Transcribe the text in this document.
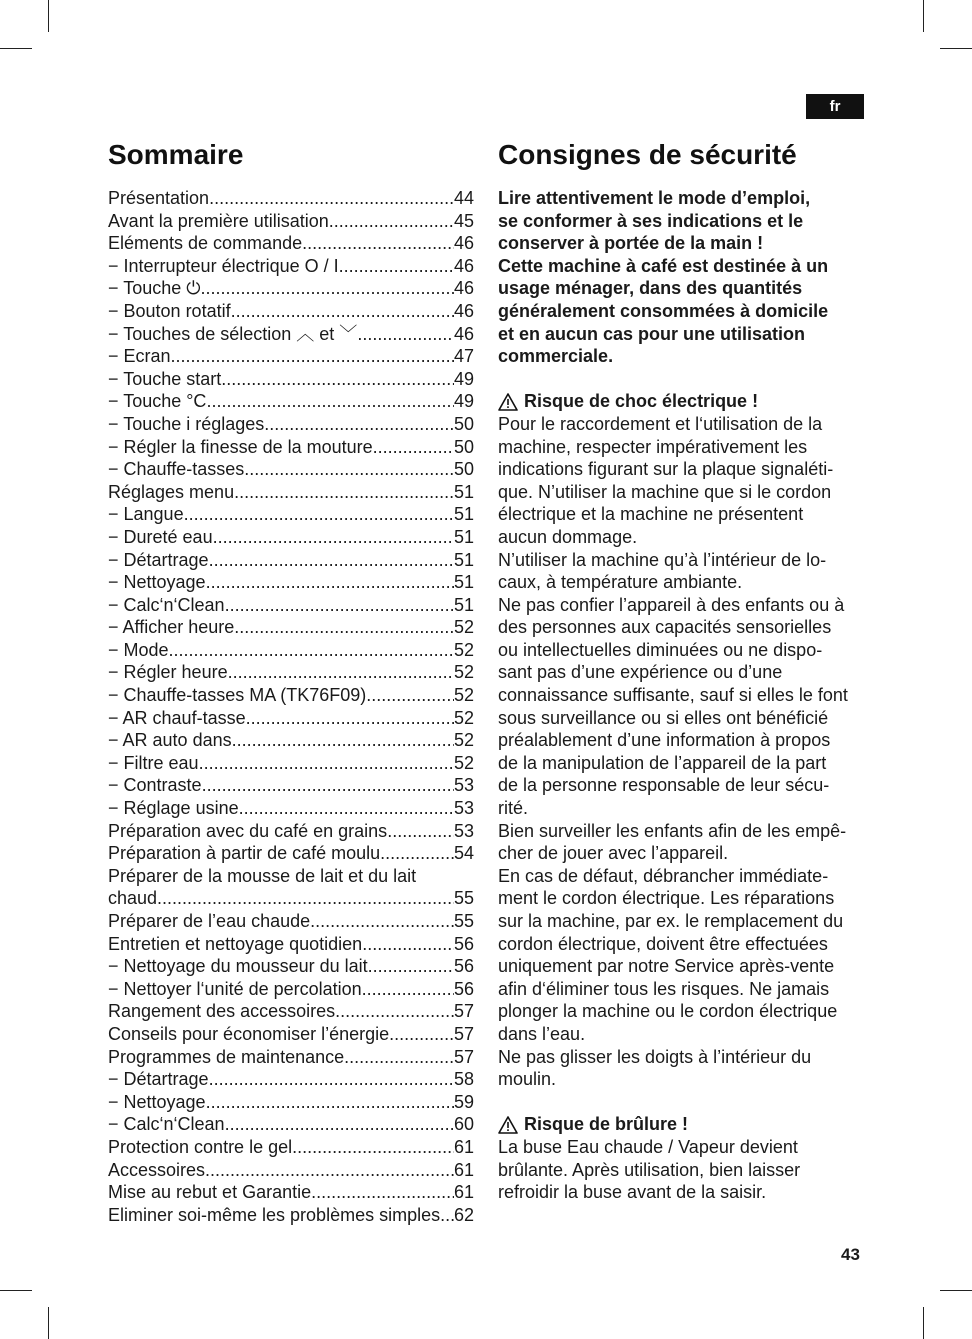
fr
Sommaire	Consignes de sécurité
Présentation .....	44
Avant la première utilisation .....	45
Eléments de commande .....	46
− Interrupteur électrique O / I .....	46
− Touche ⏻ .....	46
− Bouton rotatif .....	46
− Touches de sélection ︿ et ﹀ .....	46
− Ecran .....	47
− Touche start .....	49
− Touche °C .....	49
− Touche i réglages .....	50
− Régler la finesse de la mouture .....	50
− Chauffe-tasses .....	50
Réglages menu .....	51
− Langue .....	51
− Dureté eau .....	51
− Détartrage .....	51
− Nettoyage .....	51
− Calc‘n‘Clean .....	51
− Afficher heure .....	52
− Mode .....	52
− Régler heure .....	52
− Chauffe-tasses MA (TK76F09) .....	52
− AR chauf-tasse .....	52
− AR auto dans .....	52
− Filtre eau .....	52
− Contraste .....	53
− Réglage usine .....	53
Préparation avec du café en grains .....	53
Préparation à partir de café moulu .....	54
Préparer de la mousse de lait et du lait
chaud .....	55
Préparer de l’eau chaude .....	55
Entretien et nettoyage quotidien .....	56
− Nettoyage du mousseur du lait .....	56
− Nettoyer l‘unité de percolation .....	56
Rangement des accessoires .....	57
Conseils pour économiser l’énergie .....	57
Programmes de maintenance .....	57
− Détartrage .....	58
− Nettoyage .....	59
− Calc‘n‘Clean .....	60
Protection contre le gel .....	61
Accessoires .....	61
Mise au rebut et Garantie .....	61
Eliminer soi-même les problèmes simples ..... 62

Lire attentivement le mode d’emploi,

se conformer à ses indications et le

conserver à portée de la main !

Cette machine à café est destinée à un

usage ménager, dans des quantités

généralement consommées à domicile

et en aucun cas pour une utilisation

commerciale.

Risque de choc électrique !

Pour le raccordement et l‘utilisation de la

machine, respecter impérativement les

indications figurant sur la plaque signaléti-

que. N’utiliser la machine que si le cordon

électrique et la machine ne présentent

aucun dommage.

N’utiliser la machine qu’à l’intérieur de lo-

caux, à température ambiante.

Ne pas confier l’appareil à des enfants ou à

des personnes aux capacités sensorielles

ou intellectuelles diminuées ou ne dispo-

sant pas d’une expérience ou d’une

connaissance suffisante, sauf si elles le font

sous surveillance ou si elles ont bénéficié

préalablement d’une information à propos

de la manipulation de l’appareil de la part

de la personne responsable de leur sécu-

rité.

Bien surveiller les enfants afin de les empê-

cher de jouer avec l’appareil.

En cas de défaut, débrancher immédiate-

ment le cordon électrique. Les réparations

sur la machine, par ex. le remplacement du

cordon électrique, doivent être effectuées

uniquement par notre Service après-vente

afin d‘éliminer tous les risques. Ne jamais

plonger la machine ou le cordon électrique

dans l’eau.

Ne pas glisser les doigts à l’intérieur du

moulin.

Risque de brûlure !

La buse Eau chaude / Vapeur devient

brûlante. Après utilisation, bien laisser

refroidir la buse avant de la saisir.

43
